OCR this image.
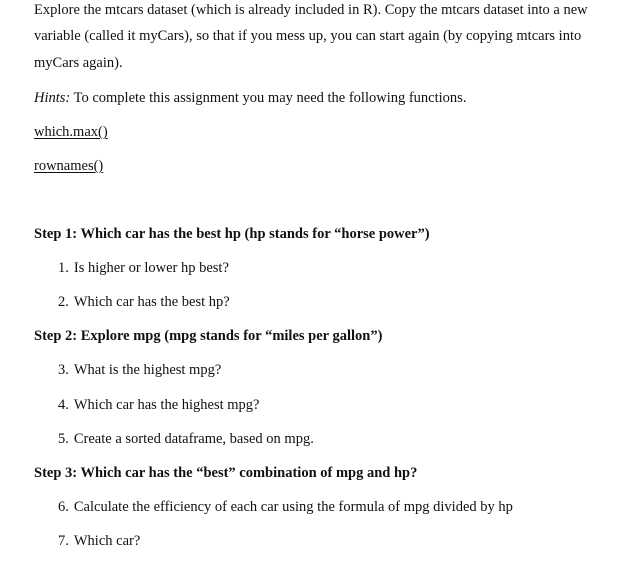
Explore the mtcars dataset (which is already included in R). Copy the mtcars dataset into a new
variable (called it myCars), so that if you mess up, you can start again (by copying mtcars into
myCars again).
Hints: To complete this assignment you may need the following functions.
which.max()
rownames()
Step 1: Which car has the best hp (hp stands for “horse power”)
1. Is higher or lower hp best?
2. Which car has the best hp?
Step 2: Explore mpg (mpg stands for “miles per gallon”)
3. What is the highest mpg?
4. Which car has the highest mpg?
5. Create a sorted dataframe, based on mpg.
Step 3: Which car has the “best” combination of mpg and hp?
6. Calculate the efficiency of each car using the formula of mpg divided by hp
7. Which car?
